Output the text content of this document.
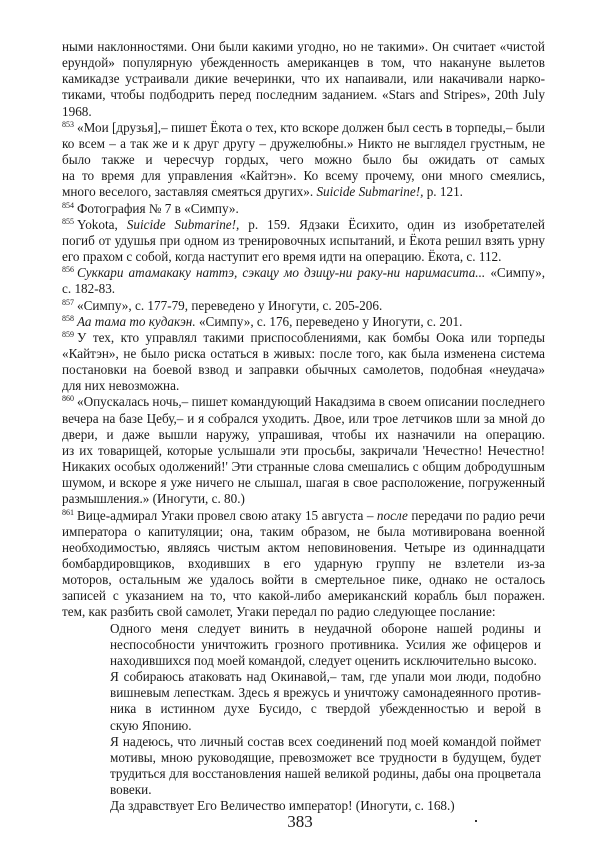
ными наклонностями. Они были какими угодно, но не такими». Он считает «чистой
ерундой» популярную убежденность американцев в том, что накануне вылетов
камикадзе устраивали дикие вечеринки, что их напаивали, или накачивали нарко-
тиками, чтобы подбодрить перед последним заданием. «Stars and Stripes», 20th July
1968.
$^{853}$ «Мои [друзья],– пишет Ёкота о тех, кто вскоре должен был сесть в торпеды,– были
ко всем – а так же и к друг другу – дружелюбны.» Никто не выглядел грустным, не
было также и чересчур гордых, чего можно было бы ожидать от самых
на то время для управления «Кайтэн». Ко всему прочему, они много смеялись,
много веселого, заставляя смеяться других». Suicide Submarine!, p. 121.
$^{854}$ Фотография № 7 в «Симпу».
$^{855}$ Yokota, Suicide Submarine!, p. 159. Ядзаки Ёсихито, один из изобретателей
погиб от удушья при одном из тренировочных испытаний, и Ёкота решил взять урну
его прахом с собой, когда наступит его время идти на операцию. Ёкота, с. 112.
$^{856}$ Суккари атамакаку наттэ, сэкацу мо дзицу-ни раку-ни наримасита... «Симпу»,
с. 182-83.
$^{857}$ «Симпу», с. 177-79, переведено у Иногути, с. 205-206.
$^{858}$ Аа тама то кудакэн. «Симпу», с. 176, переведено у Иногути, с. 201.
$^{859}$ У тех, кто управлял такими приспособлениями, как бомбы Оока или торпеды
«Кайтэн», не было риска остаться в живых: после того, как была изменена система
постановки на боевой взвод и заправки обычных самолетов, подобная «неудача»
для них невозможна.
$^{860}$ «Опускалась ночь,– пишет командующий Накадзима в своем описании последнего
вечера на базе Цебу,– и я собрался уходить. Двое, или трое летчиков шли за мной до
двери, и даже вышли наружу, упрашивая, чтобы их назначили на операцию.
из их товарищей, которые услышали эти просьбы, закричали 'Нечестно! Нечестно!
Никаких особых одолжений!' Эти странные слова смешались с общим добродушным
шумом, и вскоре я уже ничего не слышал, шагая в свое расположение, погруженный
размышления.» (Иногути, с. 80.)
$^{861}$ Вице-адмирал Угаки провел свою атаку 15 августа – после передачи по радио речи
императора о капитуляции; она, таким образом, не была мотивирована военной
необходимостью, являясь чистым актом неповиновения. Четыре из одиннадцати
бомбардировщиков, входивших в его ударную группу не взлетели из-за
моторов, остальным же удалось войти в смертельное пике, однако не осталось
записей с указанием на то, что какой-либо американский корабль был поражен.
тем, как разбить свой самолет, Угаки передал по радио следующее послание:
Одного меня следует винить в неудачной обороне нашей родины и
неспособности уничтожить грозного противника. Усилия же офицеров и
находившихся под моей командой, следует оценить исключительно высоко.
Я собираюсь атаковать над Окинавой,– там, где упали мои люди, подобно
вишневым лепесткам. Здесь я врежусь и уничтожу самонадеянного против-
ника в истинном духе Бусидо, с твердой убежденностью и верой в
скую Японию.
Я надеюсь, что личный состав всех соединений под моей командой поймет
мотивы, мною руководящие, превозможет все трудности в будущем, будет
трудиться для восстановления нашей великой родины, дабы она процветала
вовеки.
Да здравствует Его Величество император! (Иногути, с. 168.)
383
